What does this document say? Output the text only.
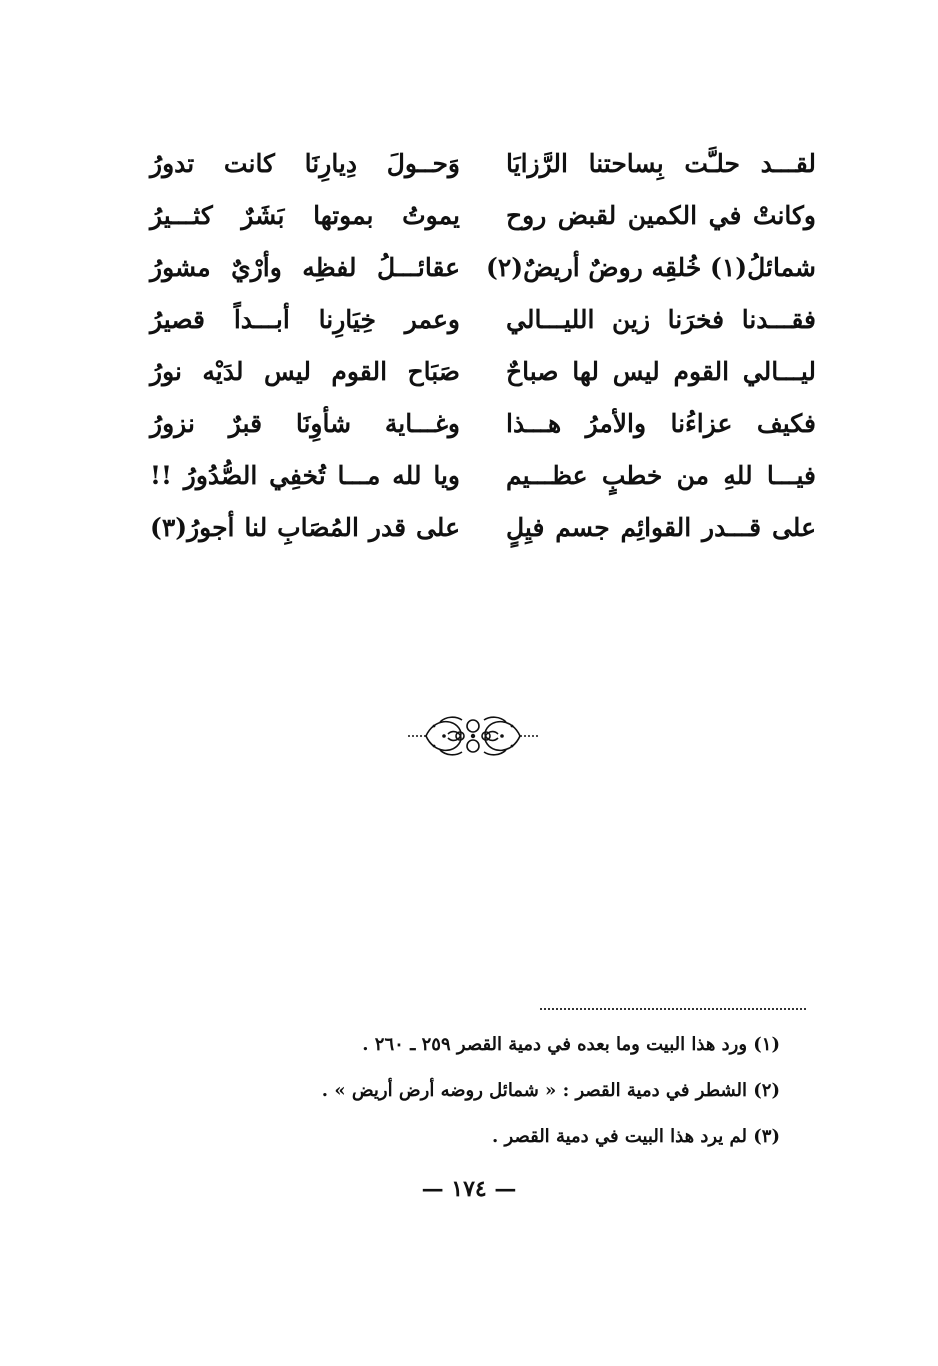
لقـــد حلـَّت بِساحتنا الرَّزايَا
وَحــولَ دِيارِنَا كانت تدورُ
وكانتْ في الكمين لقبض روح
يموتُ بموتها بَشَرٌ كثـــيرُ
شمائلُ(١) خُلقِه روضٌ أريضٌ(٢)
عقائـــلُ لفظِه وأرْيٌ مشورُ
فقـــدنا فخرَنا زين الليـــالي
وعمر خِيَارِنا أبـــداً قصيرُ
ليـــالي القوم ليس لها صباحٌ
صَبَاح القوم ليس لدَيْه نورُ
فكيف عزاءُنا والأمرُ هـــذا
وغـــاية شأوِنَا قبرٌ نزورُ
فيـــا للهِ من خطبٍ عظـــيم
ويا لله مـــا تُخفِي الصُّدُورُ !!
على قـــدر القوائِم جسم فيِلٍ
على قدر المُصَابِ لنا أجورُ(٣)
(١) ورد هذا البيت وما بعده في دمية القصر ٢٥٩ ـ ٢٦٠ .
(٢) الشطر في دمية القصر : « شمائل روضه أرض أريض » .
(٣) لم يرد هذا البيت في دمية القصر .
— ١٧٤ —
